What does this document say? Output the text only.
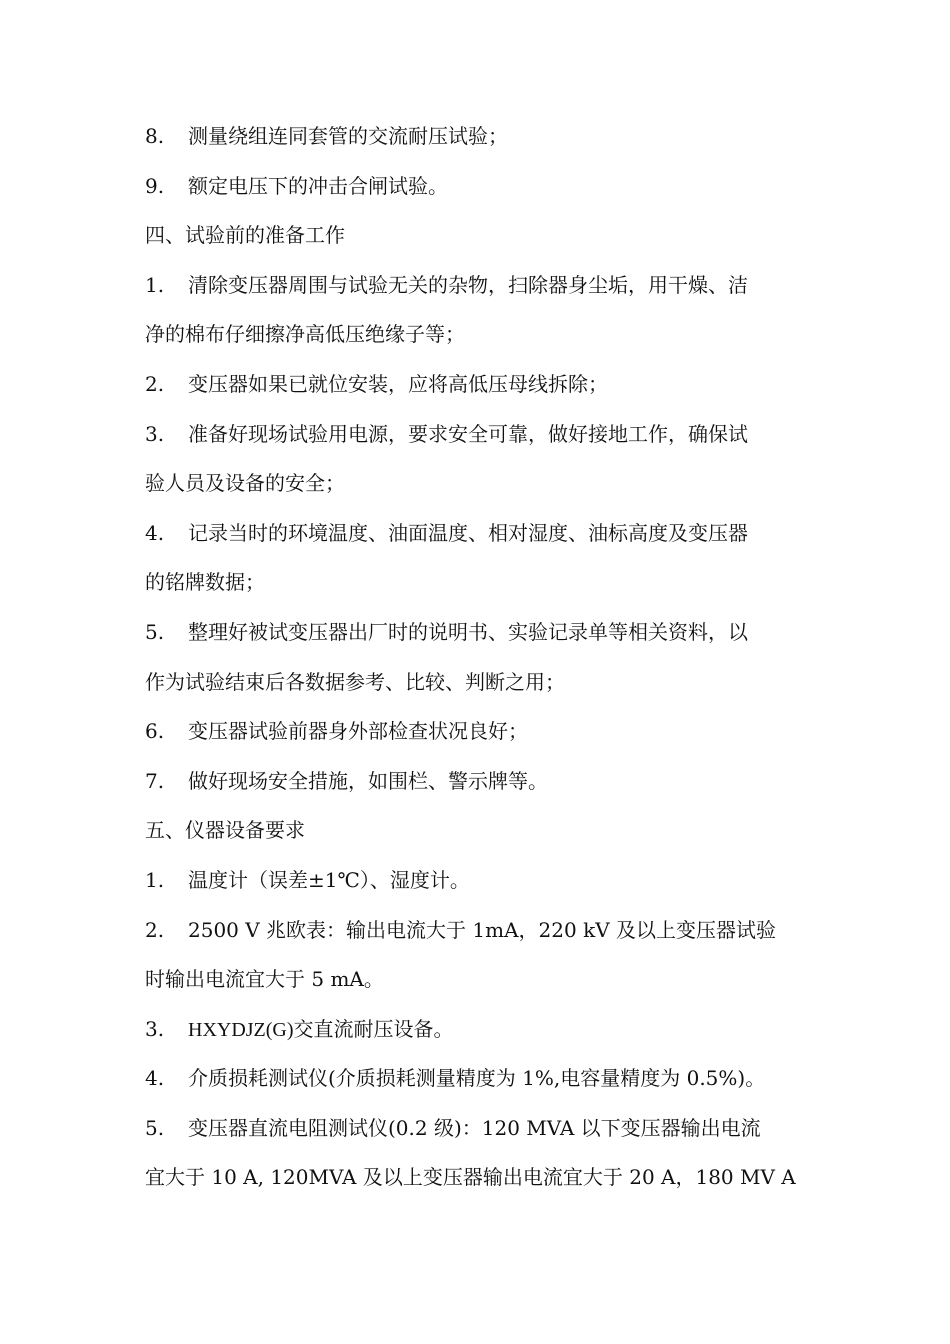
8. 测量绕组连同套管的交流耐压试验；
9. 额定电压下的冲击合闸试验。
四、试验前的准备工作
1. 清除变压器周围与试验无关的杂物，扫除器身尘垢，用干燥、洁
净的棉布仔细擦净高低压绝缘子等；
2. 变压器如果已就位安装，应将高低压母线拆除；
3. 准备好现场试验用电源，要求安全可靠，做好接地工作，确保试
验人员及设备的安全；
4. 记录当时的环境温度、油面温度、相对湿度、油标高度及变压器
的铭牌数据；
5. 整理好被试变压器出厂时的说明书、实验记录单等相关资料，以
作为试验结束后各数据参考、比较、判断之用；
6. 变压器试验前器身外部检查状况良好；
7. 做好现场安全措施，如围栏、警示牌等。
五、仪器设备要求
1. 温度计（误差±1℃）、湿度计。
2. 2500 V 兆欧表：输出电流大于 1mA，220 kV 及以上变压器试验
时输出电流宜大于 5 mA。
3. HXYDJZ(G)交直流耐压设备。
4. 介质损耗测试仪(介质损耗测量精度为 1%,电容量精度为 0.5%)。
5. 变压器直流电阻测试仪(0.2 级)：120 MVA 以下变压器输出电流
宜大于 10 A, 120MVA 及以上变压器输出电流宜大于 20 A，180 MV A
